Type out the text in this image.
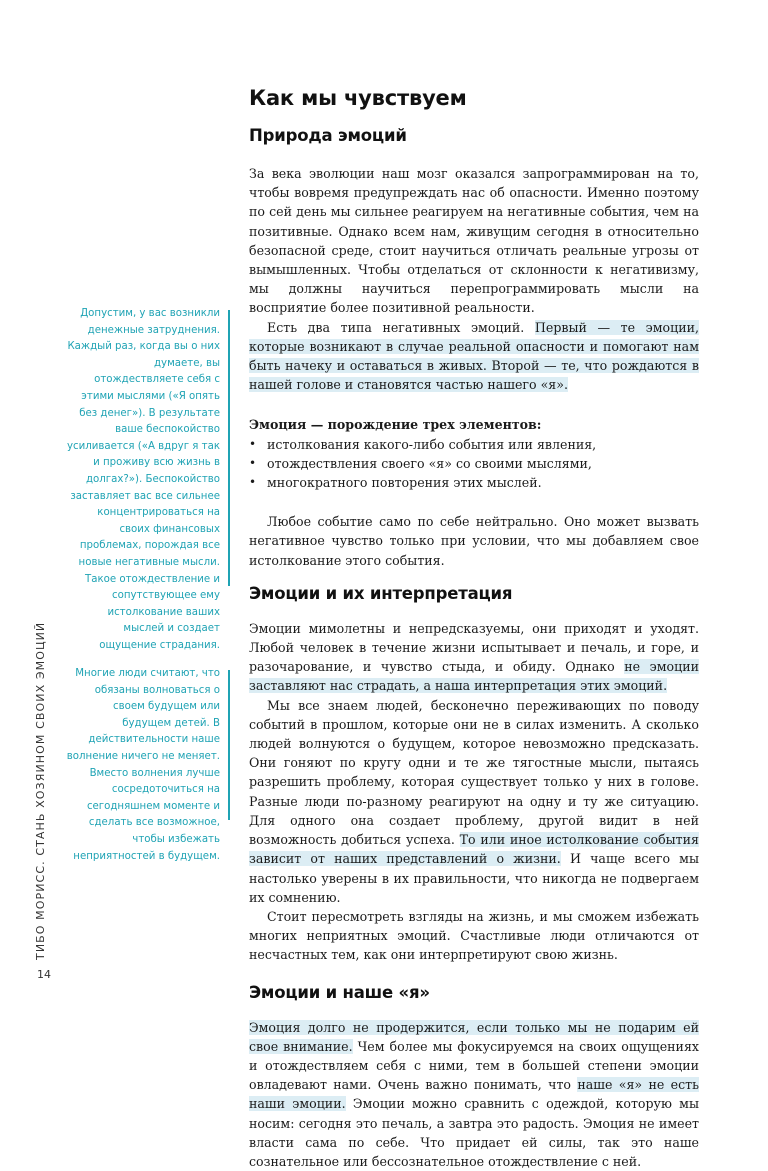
Как мы чувствуем
Природа эмоций

За века эволюции наш мозг оказался запрограммирован на то, чтобы вовремя предупреждать нас об опасности. Именно поэтому по сей день мы сильнее реагируем на негативные события, чем на позитивные. Однако всем нам, живущим сегодня в относительно безопасной среде, стоит научиться отличать реальные угрозы от вымышленных. Чтобы отделаться от склонности к негативизму, мы должны научиться перепрограммировать мысли на восприятие более позитивной реальности.

Есть два типа негативных эмоций. Первый — те эмоции, которые возникают в случае реальной опасности и помогают нам быть начеку и оставаться в живых. Второй — те, что рождаются в нашей голове и становятся частью нашего «я».

Эмоция — порождение трех элементов:

• истолкования какого-либо события или явления,
• отождествления своего «я» со своими мыслями,
• многократного повторения этих мыслей.

Любое событие само по себе нейтрально. Оно может вызвать негативное чувство только при условии, что мы добавляем свое истолкование этого события.

Эмоции и их интерпретация

Эмоции мимолетны и непредсказуемы, они приходят и уходят. Любой человек в течение жизни испытывает и печаль, и горе, и разочарование, и чувство стыда, и обиду. Однако не эмоции заставляют нас страдать, а наша интерпретация этих эмоций.

Мы все знаем людей, бесконечно переживающих по поводу событий в прошлом, которые они не в силах изменить. А сколько людей волнуются о будущем, которое невозможно предсказать. Они гоняют по кругу одни и те же тягостные мысли, пытаясь разрешить проблему, которая существует только у них в голове. Разные люди по-разному реагируют на одну и ту же ситуацию. Для одного она создает проблему, другой видит в ней возможность добиться успеха. То или иное истолкование события зависит от наших представлений о жизни. И чаще всего мы настолько уверены в их правильности, что никогда не подвергаем их сомнению.

Стоит пересмотреть взгляды на жизнь, и мы сможем избежать многих неприятных эмоций. Счастливые люди отличаются от несчастных тем, как они интерпретируют свою жизнь.

Эмоции и наше «я»

Эмоция долго не продержится, если только мы не подарим ей свое внимание. Чем более мы фокусируемся на своих ощущениях и отождествляем себя с ними, тем в большей степени эмоции овладевают нами. Очень важно понимать, что наше «я» не есть наши эмоции. Эмоции можно сравнить с одеждой, которую мы носим: сегодня это печаль, а завтра это радость. Эмоция не имеет власти сама по себе. Что придает ей силы, так это наше сознательное или бессознательное отождествление с ней.

Допустим, у вас возникли денежные затруднения. Каждый раз, когда вы о них думаете, вы отождествляете себя с этими мыслями («Я опять без денег»). В результате ваше беспокойство усиливается («А вдруг я так и проживу всю жизнь в долгах?»). Беспокойство заставляет вас все сильнее концентрироваться на своих финансовых проблемах, порождая все новые негативные мысли. Такое отождествление и сопутствующее ему истолкование ваших мыслей и создает ощущение страдания.
Многие люди считают, что обязаны волноваться о своем будущем или будущем детей. В действительности наше волнение ничего не меняет. Вместо волнения лучше сосредоточиться на сегодняшнем моменте и сделать все возможное, чтобы избежать неприятностей в будущем.
ТИБО МОРИСС. СТАНЬ ХОЗЯИНОМ СВОИХ ЭМОЦИЙ
14
